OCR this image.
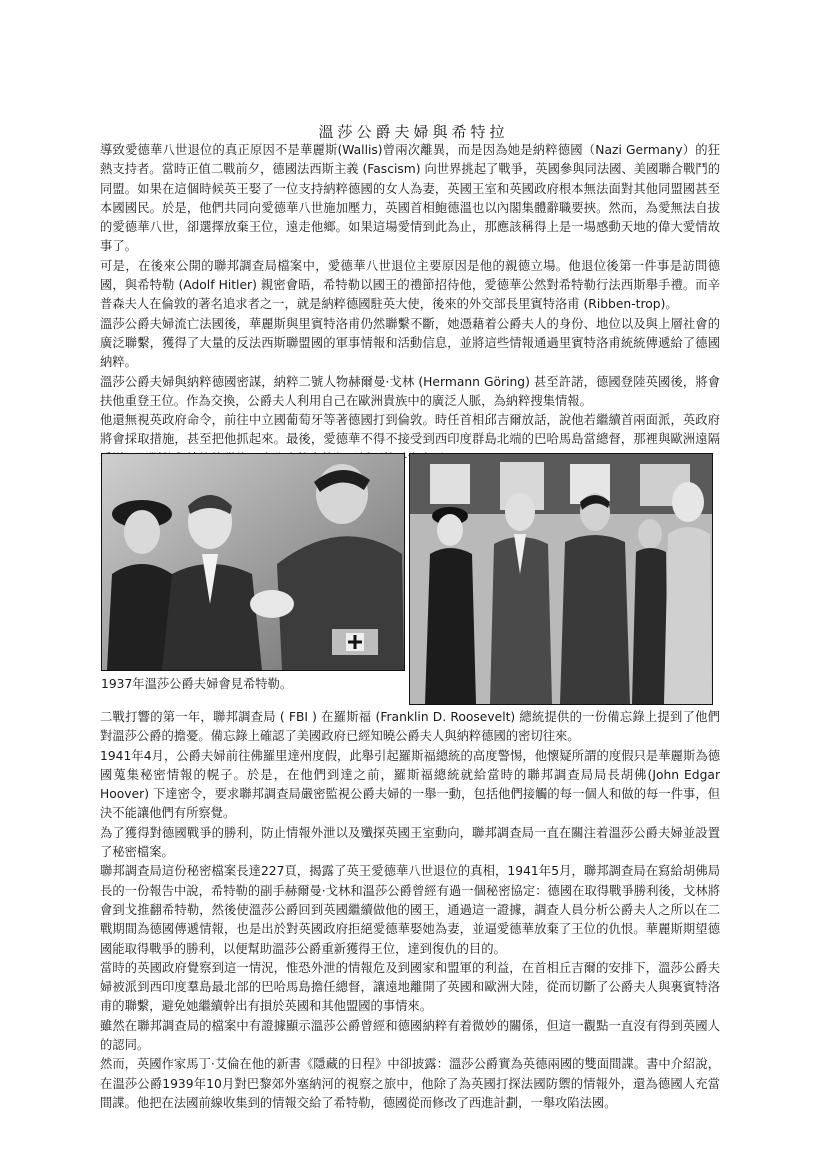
溫莎公爵夫婦與希特拉

導致愛德華八世退位的真正原因不是華麗斯(Wallis)曾兩次離異，而是因為她是納粹德國（Nazi Germany）的狂熱支持者。當時正值二戰前夕，德國法西斯主義 (Fascism) 向世界挑起了戰爭，英國參與同法國、美國聯合戰鬥的同盟。如果在這個時候英王娶了一位支持納粹德國的女人為妻，英國王室和英國政府根本無法面對其他同盟國甚至本國國民。於是，他們共同向愛德華八世施加壓力，英國首相鮑德溫也以內閣集體辭職要挾。然而，為愛無法自拔的愛德華八世，卻選擇放棄王位，遠走他鄉。如果這場愛情到此為止，那應該稱得上是一場感動天地的偉大愛情故事了。

可是，在後來公開的聯邦調查局檔案中，愛德華八世退位主要原因是他的親德立場。他退位後第一件事是訪問德國，與希特勒 (Adolf Hitler) 親密會晤，希特勒以國王的禮節招待他，愛德華公然對希特勒行法西斯舉手禮。而辛普森夫人在倫敦的著名追求者之一，就是納粹德國駐英大使，後來的外交部長里賓特洛甫 (Ribben-trop)。

溫莎公爵夫婦流亡法國後，華麗斯與里賓特洛甫仍然聯繫不斷，她憑藉着公爵夫人的身份、地位以及與上層社會的廣泛聯繫，獲得了大量的反法西斯聯盟國的軍事情報和活動信息，並將這些情報通過里賓特洛甫統統傳遞給了德國納粹。

溫莎公爵夫婦與納粹德國密謀，納粹二號人物赫爾曼·戈林 (Hermann Göring) 甚至許諾，德國登陸英國後，將會扶他重登王位。作為交換，公爵夫人利用自己在歐洲貴族中的廣泛人脈，為納粹搜集情報。

他還無視英政府命令，前往中立國葡萄牙等著德國打到倫敦。時任首相邱吉爾放話，說他若繼續首兩面派，英政府將會採取措施，甚至把他抓起來。最後，愛德華不得不接受到西印度群島北端的巴哈馬島當總督，那裡與歐洲遠隔 千古

1937年溫莎公爵夫婦會見希特勒。

二戰打響的第一年，聯邦調查局 ( FBI ) 在羅斯福 (Franklin D. Roosevelt) 總統提供的一份備忘錄上提到了他們對溫莎公爵的擔憂。備忘錄上確認了美國政府已經知曉公爵夫人與納粹德國的密切往來。

1941年4月，公爵夫婦前往佛羅里達州度假，此舉引起羅斯福總統的高度警惕，他懷疑所謂的度假只是華麗斯為德國蒐集秘密情報的幌子。於是，在他們到達之前，羅斯福總統就給當時的聯邦調查局局長胡佛(John Edgar Hoover) 下達密令，要求聯邦調查局嚴密監視公爵夫婦的一舉一動，包括他們接觸的每一個人和做的每一件事，但決不能讓他們有所察覺。

為了獲得對德國戰爭的勝利，防止情報外泄以及殲探英國王室動向，聯邦調查局一直在關注着溫莎公爵夫婦並設置了秘密檔案。

聯邦調查局這份秘密檔案長達227頁，揭露了英王愛德華八世退位的真相，1941年5月，聯邦調查局在寫給胡佛局長的一份報告中說，希特勒的副手赫爾曼·戈林和溫莎公爵曾經有過一個秘密協定：德國在取得戰爭勝利後，戈林將會到戈推翻希特勒，然後使溫莎公爵回到英國繼續做他的國王，通過這一證據，調查人員分析公爵夫人之所以在二戰期間為德國傳遞情報，也是出於對英國政府拒絕愛德華娶她為妻，並逼愛德華放棄了王位的仇恨。華麗斯期望德國能取得戰爭的勝利，以便幫助溫莎公爵重新獲得王位，達到復仇的目的。

當時的英國政府覺察到這一情況，惟恐外泄的情報危及到國家和盟軍的利益，在首相丘吉爾的安排下，溫莎公爵夫婦被派到西印度羣島最北部的巴哈馬島擔任總督，讓遠地離開了英國和歐洲大陸，從而切斷了公爵夫人與裏賓特洛甫的聯繫，避免她繼續幹出有損於英國和其他盟國的事情來。

雖然在聯邦調查局的檔案中有證據顯示溫莎公爵曾經和德國納粹有着微妙的關係，但這一觀點一直沒有得到英國人的認同。

然而，英國作家馬丁·艾倫在他的新書《隱藏的日程》中卻披露：溫莎公爵實為英德兩國的雙面間諜。書中介紹說，在溫莎公爵1939年10月對巴黎郊外塞納河的視察之旅中，他除了為英國打探法國防禦的情報外，還為德國人充當間諜。他把在法國前線收集到的情報交給了希特勒，德國從而修改了西進計劃，一舉攻陷法國。
